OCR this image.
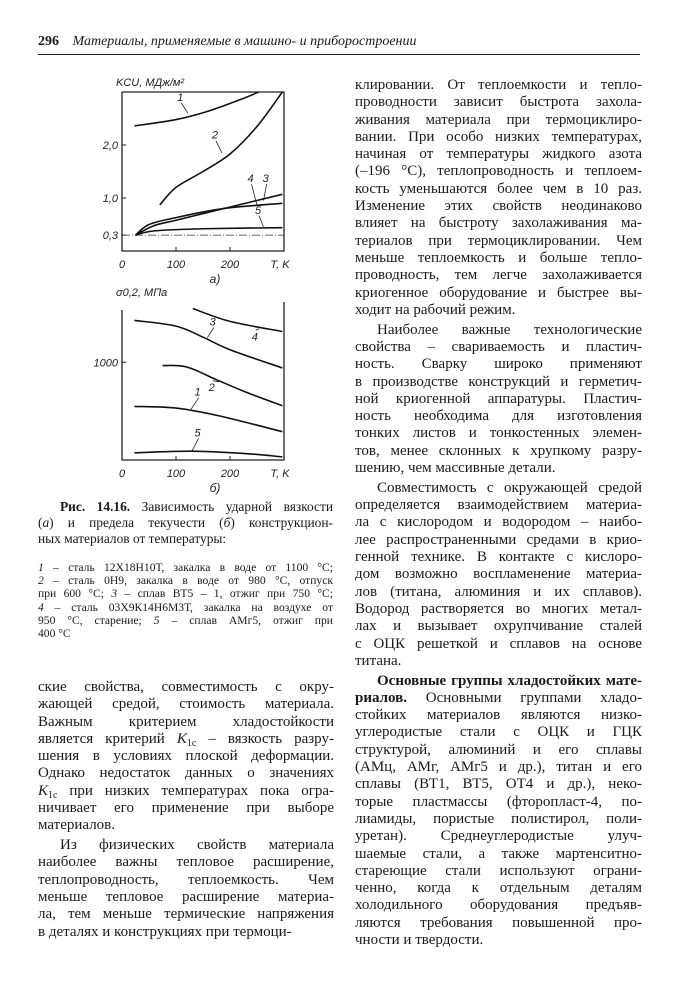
296 Материалы, применяемые в машино- и приборостроении
0	100	200	T, K
0,3
1,0
2,0
KCU, МДж/м²
а)
1
2
3
4
5
0	100	200	T, K
1000
σ0,2, МПа
б)
1 2
3
4
5
Рис. 14.16. Зависимость ударной вязкости
(а) и предела текучести (б) конструкцион-
ных материалов от температуры:
1 – сталь 12Х18Н10Т, закалка в воде от 1100 °С;
2 – сталь 0Н9, закалка в воде от 980 °С, отпуск
при 600 °С; 3 – сплав ВТ5 – 1, отжиг при 750 °С;
4 – сталь 03Х9К14Н6М3Т, закалка на воздухе от
950 °С, старение; 5 – сплав АМг5, отжиг при
400 °С
ские свойства, совместимость с окру-
жающей средой, стоимость материала.
Важным критерием хладостойкости
является критерий $K_{1c}$ – вязкость разру-
шения в условиях плоской деформации.
Однако недостаток данных о значениях
$K_{1c}$ при низких температурах пока огра-
ничивает его применение при выборе
материалов.
Из физических свойств материала
наиболее важны тепловое расширение,
теплопроводность, теплоемкость. Чем
меньше тепловое расширение материа-
ла, тем меньше термические напряжения
в деталях и конструкциях при термоци-
клировании. От теплоемкости и тепло-
проводности зависит быстрота захола-
живания материала при термоциклиро-
вании. При особо низких температурах,
начиная от температуры жидкого азота
(–196 °С), теплопроводность и теплоем-
кость уменьшаются более чем в 10 раз.
Изменение этих свойств неодинаково
влияет на быстроту захолаживания ма-
териалов при термоциклировании. Чем
меньше теплоемкость и больше тепло-
проводность, тем легче захолаживается
криогенное оборудование и быстрее вы-
ходит на рабочий режим.
Наиболее важные технологические
свойства – свариваемость и пластич-
ность. Сварку широко применяют
в производстве конструкций и герметич-
ной криогенной аппаратуры. Пластич-
ность необходима для изготовления
тонких листов и тонкостенных элемен-
тов, менее склонных к хрупкому разру-
шению, чем массивные детали.
Совместимость с окружающей средой
определяется взаимодействием материа-
ла с кислородом и водородом – наибо-
лее распространенными средами в крио-
генной технике. В контакте с кислоро-
дом возможно воспламенение материа-
лов (титана, алюминия и их сплавов).
Водород растворяется во многих метал-
лах и вызывает охрупчивание сталей
с ОЦК решеткой и сплавов на основе
титана.
Основные группы хладостойких мате-
риалов. Основными группами хладо-
стойких материалов являются низко-
углеродистые стали с ОЦК и ГЦК
структурой, алюминий и его сплавы
(АМц, АМг, АМг5 и др.), титан и его
сплавы (ВТ1, ВТ5, ОТ4 и др.), неко-
торые пластмассы (фторопласт-4, по-
лиамиды, пористые полистирол, поли-
уретан). Среднеуглеродистые улуч-
шаемые стали, а также мартенситно-
стареющие стали используют ограни-
ченно, когда к отдельным деталям
холодильного оборудования предъяв-
ляются требования повышенной про-
чности и твердости.
